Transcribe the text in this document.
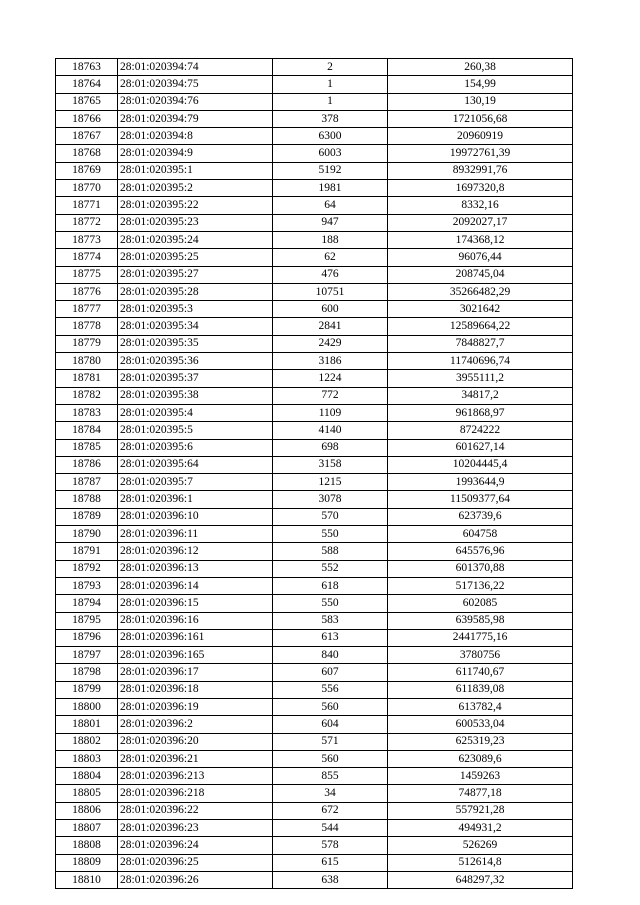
18763	28:01:020394:74	2	260,38
18764	28:01:020394:75	1	154,99
18765	28:01:020394:76	1	130,19
18766	28:01:020394:79	378	1721056,68
18767	28:01:020394:8	6300	20960919
18768	28:01:020394:9	6003	19972761,39
18769	28:01:020395:1	5192	8932991,76
18770	28:01:020395:2	1981	1697320,8
18771	28:01:020395:22	64	8332,16
18772	28:01:020395:23	947	2092027,17
18773	28:01:020395:24	188	174368,12
18774	28:01:020395:25	62	96076,44
18775	28:01:020395:27	476	208745,04
18776	28:01:020395:28	10751	35266482,29
18777	28:01:020395:3	600	3021642
18778	28:01:020395:34	2841	12589664,22
18779	28:01:020395:35	2429	7848827,7
18780	28:01:020395:36	3186	11740696,74
18781	28:01:020395:37	1224	3955111,2
18782	28:01:020395:38	772	34817,2
18783	28:01:020395:4	1109	961868,97
18784	28:01:020395:5	4140	8724222
18785	28:01:020395:6	698	601627,14
18786	28:01:020395:64	3158	10204445,4
18787	28:01:020395:7	1215	1993644,9
18788	28:01:020396:1	3078	11509377,64
18789	28:01:020396:10	570	623739,6
18790	28:01:020396:11	550	604758
18791	28:01:020396:12	588	645576,96
18792	28:01:020396:13	552	601370,88
18793	28:01:020396:14	618	517136,22
18794	28:01:020396:15	550	602085
18795	28:01:020396:16	583	639585,98
18796	28:01:020396:161	613	2441775,16
18797	28:01:020396:165	840	3780756
18798	28:01:020396:17	607	611740,67
18799	28:01:020396:18	556	611839,08
18800	28:01:020396:19	560	613782,4
18801	28:01:020396:2	604	600533,04
18802	28:01:020396:20	571	625319,23
18803	28:01:020396:21	560	623089,6
18804	28:01:020396:213	855	1459263
18805	28:01:020396:218	34	74877,18
18806	28:01:020396:22	672	557921,28
18807	28:01:020396:23	544	494931,2
18808	28:01:020396:24	578	526269
18809	28:01:020396:25	615	512614,8
18810	28:01:020396:26	638	648297,32
